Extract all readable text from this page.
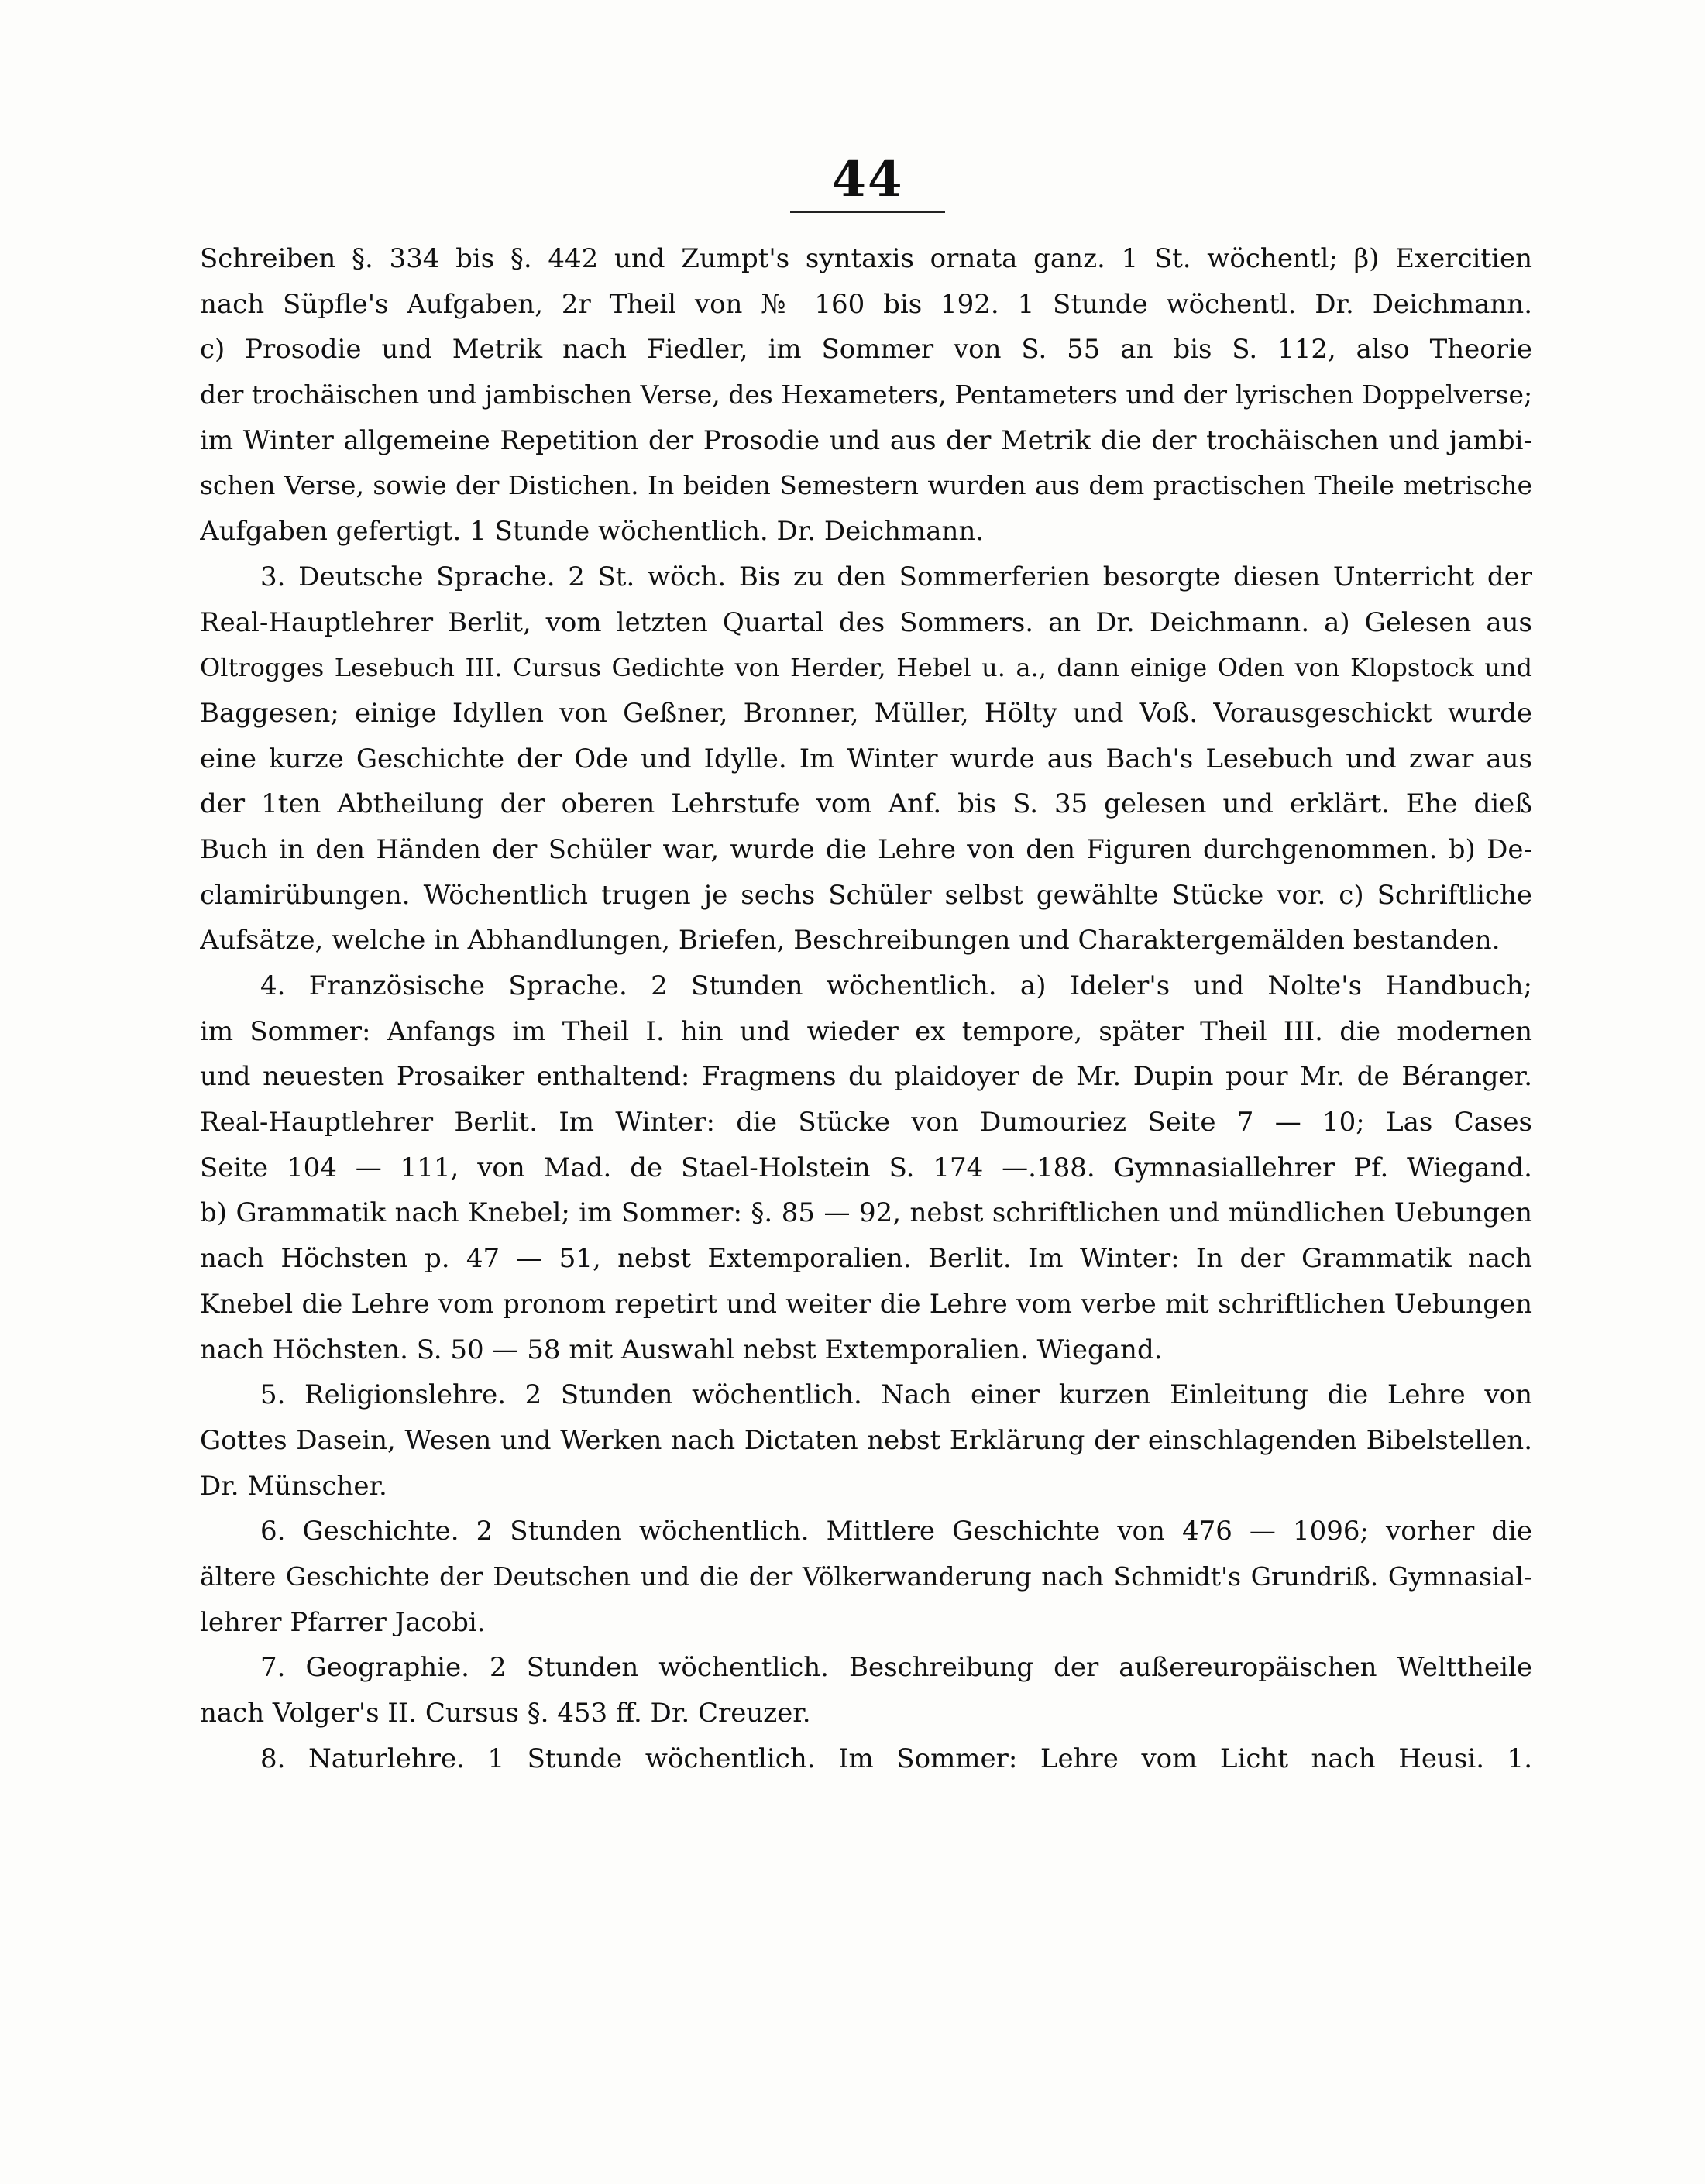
44
Schreiben §. 334 bis §. 442 und Zumpt's syntaxis ornata ganz. 1 St. wöchentl; β) Exercitien
nach Süpfle's Aufgaben, 2r Theil von № 160 bis 192. 1 Stunde wöchentl. Dr. Deichmann.
c) Prosodie und Metrik nach Fiedler, im Sommer von S. 55 an bis S. 112, also Theorie
der trochäischen und jambischen Verse, des Hexameters, Pentameters und der lyrischen Doppelverse;
im Winter allgemeine Repetition der Prosodie und aus der Metrik die der trochäischen und jambi-
schen Verse, sowie der Distichen. In beiden Semestern wurden aus dem practischen Theile metrische
Aufgaben gefertigt. 1 Stunde wöchentlich. Dr. Deichmann.
3. Deutsche Sprache. 2 St. wöch. Bis zu den Sommerferien besorgte diesen Unterricht der
Real-Hauptlehrer Berlit, vom letzten Quartal des Sommers. an Dr. Deichmann. a) Gelesen aus
Oltrogges Lesebuch III. Cursus Gedichte von Herder, Hebel u. a., dann einige Oden von Klopstock und
Baggesen; einige Idyllen von Geßner, Bronner, Müller, Hölty und Voß. Vorausgeschickt wurde
eine kurze Geschichte der Ode und Idylle. Im Winter wurde aus Bach's Lesebuch und zwar aus
der 1ten Abtheilung der oberen Lehrstufe vom Anf. bis S. 35 gelesen und erklärt. Ehe dieß
Buch in den Händen der Schüler war, wurde die Lehre von den Figuren durchgenommen. b) De-
clamirübungen. Wöchentlich trugen je sechs Schüler selbst gewählte Stücke vor. c) Schriftliche
Aufsätze, welche in Abhandlungen, Briefen, Beschreibungen und Charaktergemälden bestanden.
4. Französische Sprache. 2 Stunden wöchentlich. a) Ideler's und Nolte's Handbuch;
im Sommer: Anfangs im Theil I. hin und wieder ex tempore, später Theil III. die modernen
und neuesten Prosaiker enthaltend: Fragmens du plaidoyer de Mr. Dupin pour Mr. de Béranger.
Real-Hauptlehrer Berlit. Im Winter: die Stücke von Dumouriez Seite 7 — 10; Las Cases
Seite 104 — 111, von Mad. de Stael-Holstein S. 174 —.188. Gymnasiallehrer Pf. Wiegand.
b) Grammatik nach Knebel; im Sommer: §. 85 — 92, nebst schriftlichen und mündlichen Uebungen
nach Höchsten p. 47 — 51, nebst Extemporalien. Berlit. Im Winter: In der Grammatik nach
Knebel die Lehre vom pronom repetirt und weiter die Lehre vom verbe mit schriftlichen Uebungen
nach Höchsten. S. 50 — 58 mit Auswahl nebst Extemporalien. Wiegand.
5. Religionslehre. 2 Stunden wöchentlich. Nach einer kurzen Einleitung die Lehre von
Gottes Dasein, Wesen und Werken nach Dictaten nebst Erklärung der einschlagenden Bibelstellen.
Dr. Münscher.
6. Geschichte. 2 Stunden wöchentlich. Mittlere Geschichte von 476 — 1096; vorher die
ältere Geschichte der Deutschen und die der Völkerwanderung nach Schmidt's Grundriß. Gymnasial-
lehrer Pfarrer Jacobi.
7. Geographie. 2 Stunden wöchentlich. Beschreibung der außereuropäischen Welttheile
nach Volger's II. Cursus §. 453 ff. Dr. Creuzer.
8. Naturlehre. 1 Stunde wöchentlich. Im Sommer: Lehre vom Licht nach Heusi. 1.
